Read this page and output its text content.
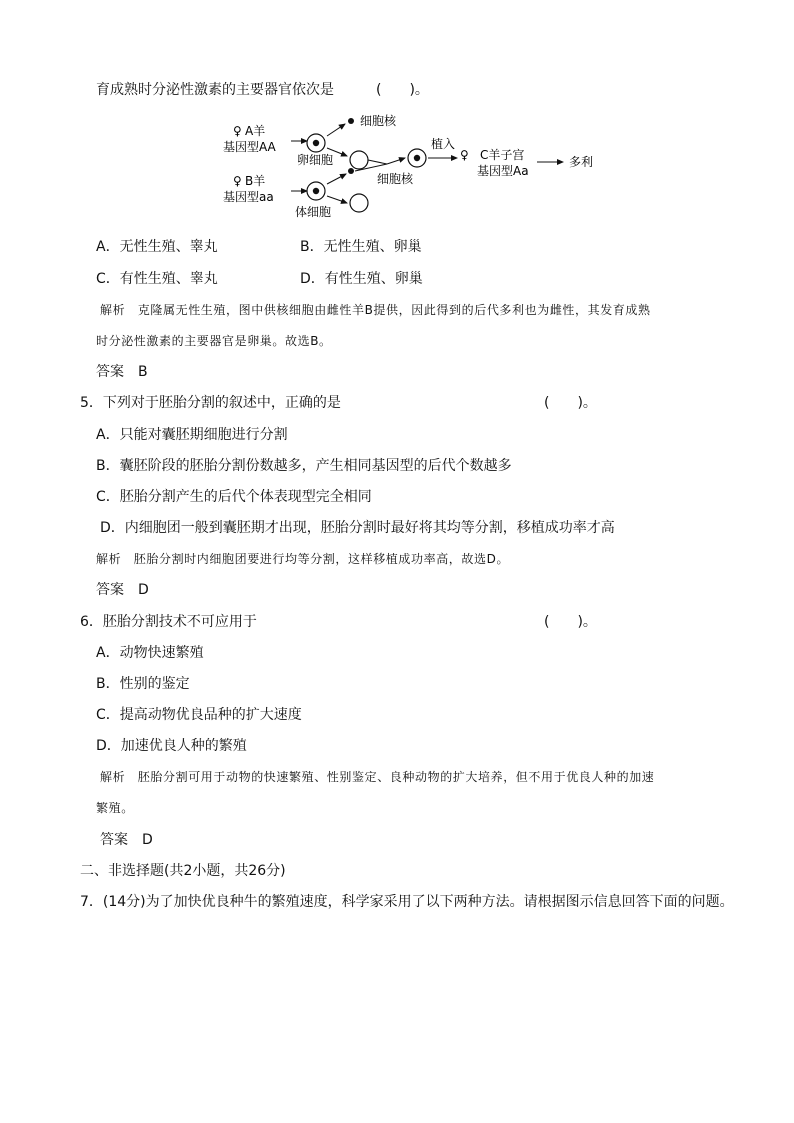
育成熟时分泌性激素的主要器官依次是	(　　)。
♀ A羊
基因型AA
卵细胞
细胞核
♀ B羊
基因型aa
体细胞
细胞核
植入
♀ C羊子宫
基因型Aa
多利
A．无性生殖、睾丸	B．无性生殖、卵巢
C．有性生殖、睾丸	D．有性生殖、卵巢
解析　克隆属无性生殖，图中供核细胞由雌性羊B提供，因此得到的后代多利也为雌性，其发育成熟
时分泌性激素的主要器官是卵巢。故选B。
答案　B
5．下列对于胚胎分割的叙述中，正确的是	(　　)。
A．只能对囊胚期细胞进行分割
B．囊胚阶段的胚胎分割份数越多，产生相同基因型的后代个数越多
C．胚胎分割产生的后代个体表现型完全相同
D．内细胞团一般到囊胚期才出现，胚胎分割时最好将其均等分割，移植成功率才高
解析　胚胎分割时内细胞团要进行均等分割，这样移植成功率高，故选D。
答案　D
6．胚胎分割技术不可应用于	(　　)。
A．动物快速繁殖
B．性别的鉴定
C．提高动物优良品种的扩大速度
D．加速优良人种的繁殖
解析　胚胎分割可用于动物的快速繁殖、性别鉴定、良种动物的扩大培养，但不用于优良人种的加速
繁殖。
答案　D
二、非选择题(共2小题，共26分)
7．(14分)为了加快优良种牛的繁殖速度，科学家采用了以下两种方法。请根据图示信息回答下面的问题。
